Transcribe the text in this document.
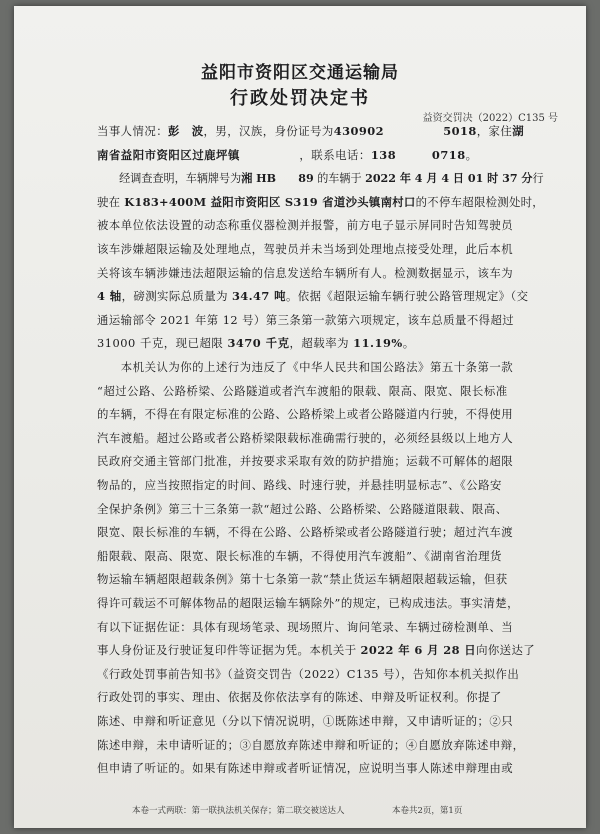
益阳市资阳区交通运输局
行政处罚决定书
益资交罚决（2022）C135 号
当事人情况：彭　波，男，汉族，身份证号为430902　　　　　	5018，家住湖
南省益阳市资阳区过鹿坪镇　　　　　，联系电话：138　　　	0718。
　　经调查查明，车辆牌号为湘 HB　　 89 的车辆于 2022 年 4 月 4 日 01 时 37 分行
驶在 K183+400M 益阳市资阳区 S319 省道沙头镇南村口的不停车超限检测处时，
被本单位依法设置的动态称重仪器检测并报警，前方电子显示屏同时告知驾驶员
该车涉嫌超限运输及处理地点，驾驶员并未当场到处理地点接受处理，此后本机
关将该车辆涉嫌违法超限运输的信息发送给车辆所有人。检测数据显示，该车为
4 轴，磅测实际总质量为 34.47 吨。依据《超限运输车辆行驶公路管理规定》（交
通运输部令 2021 年第 12 号）第三条第一款第六项规定，该车总质量不得超过
31000 千克，现已超限 3470 千克，超载率为 11.19%。
　　本机关认为你的上述行为违反了《中华人民共和国公路法》第五十条第一款
“超过公路、公路桥梁、公路隧道或者汽车渡船的限载、限高、限宽、限长标准
的车辆，不得在有限定标准的公路、公路桥梁上或者公路隧道内行驶，不得使用
汽车渡船。超过公路或者公路桥梁限载标准确需行驶的，必须经县级以上地方人
民政府交通主管部门批准，并按要求采取有效的防护措施；运载不可解体的超限
物品的，应当按照指定的时间、路线、时速行驶，并悬挂明显标志”、《公路安
全保护条例》第三十三条第一款“超过公路、公路桥梁、公路隧道限载、限高、
限宽、限长标准的车辆，不得在公路、公路桥梁或者公路隧道行驶；超过汽车渡
船限载、限高、限宽、限长标准的车辆，不得使用汽车渡船”、《湖南省治理货
物运输车辆超限超载条例》第十七条第一款“禁止货运车辆超限超载运输，但获
得许可载运不可解体物品的超限运输车辆除外”的规定，已构成违法。事实清楚，
有以下证据佐证：具体有现场笔录、现场照片、询问笔录、车辆过磅检测单、当
事人身份证及行驶证复印件等证据为凭。本机关于 2022 年 6 月 28 日向你送达了
《行政处罚事前告知书》（益资交罚告（2022）C135 号），告知你本机关拟作出
行政处罚的事实、理由、依据及你依法享有的陈述、申辩及听证权利。你提了
陈述、申辩和听证意见（分以下情况说明，①既陈述申辩，又申请听证的；②只
陈述申辩，未申请听证的；③自愿放弃陈述申辩和听证的；④自愿放弃陈述申辩，
但申请了听证的。如果有陈述申辩或者听证情况，应说明当事人陈述申辩理由或
本卷一式两联：第一联执法机关保存；第二联交被送达人	本卷共2页，第1页
